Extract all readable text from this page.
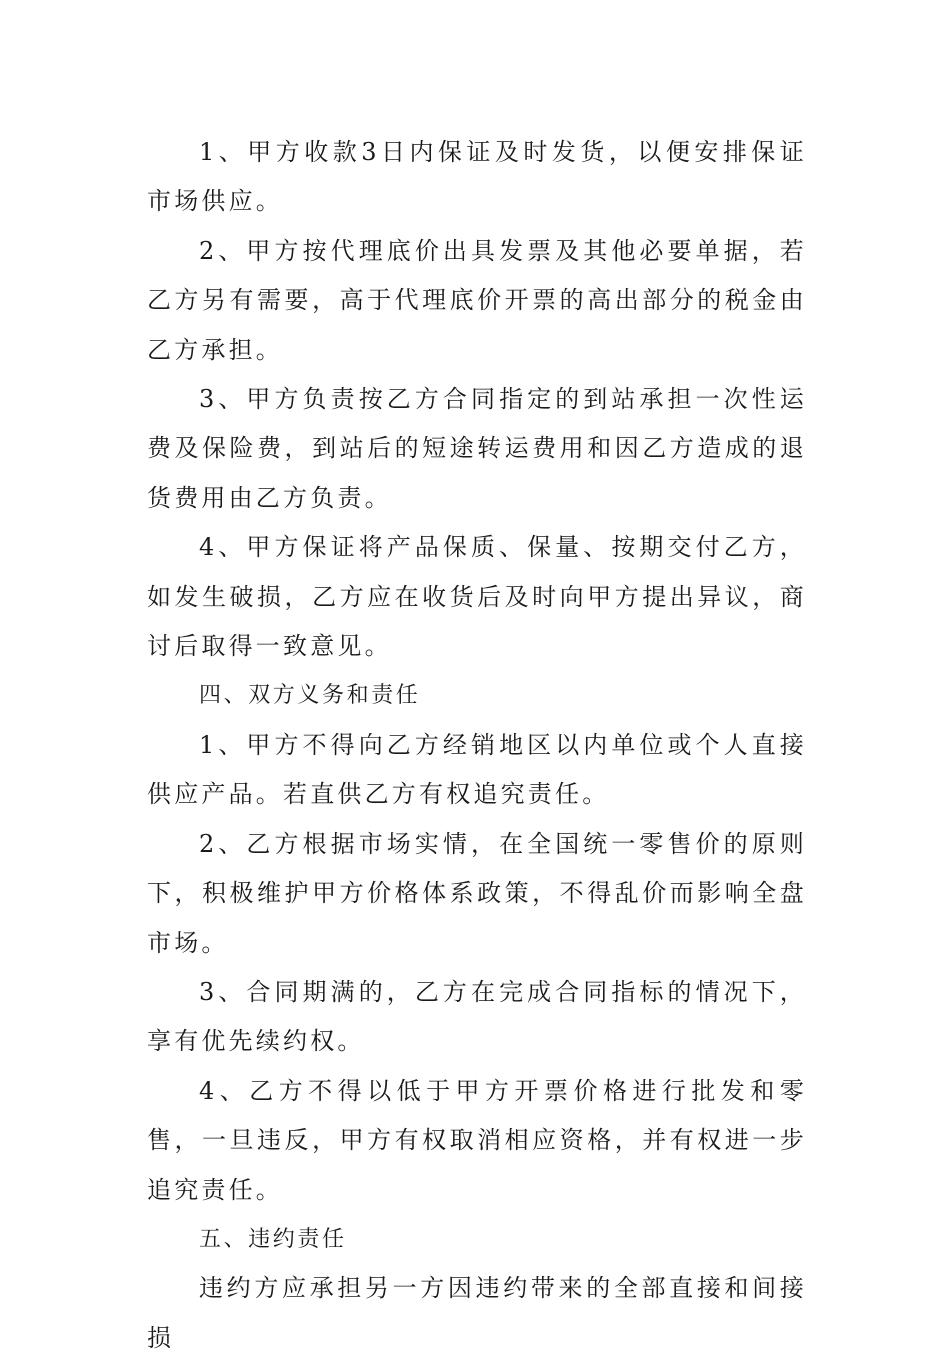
1、甲方收款3日内保证及时发货，以便安排保证市场供应。

2、甲方按代理底价出具发票及其他必要单据，若乙方另有需要，高于代理底价开票的高出部分的税金由乙方承担。

3、甲方负责按乙方合同指定的到站承担一次性运费及保险费，到站后的短途转运费用和因乙方造成的退货费用由乙方负责。

4、甲方保证将产品保质、保量、按期交付乙方，如发生破损，乙方应在收货后及时向甲方提出异议，商讨后取得一致意见。

四、双方义务和责任

1、甲方不得向乙方经销地区以内单位或个人直接供应产品。若直供乙方有权追究责任。

2、乙方根据市场实情，在全国统一零售价的原则下，积极维护甲方价格体系政策，不得乱价而影响全盘市场。

3、合同期满的，乙方在完成合同指标的情况下，享有优先续约权。

4、乙方不得以低于甲方开票价格进行批发和零售，一旦违反，甲方有权取消相应资格，并有权进一步追究责任。

五、违约责任

违约方应承担另一方因违约带来的全部直接和间接损
